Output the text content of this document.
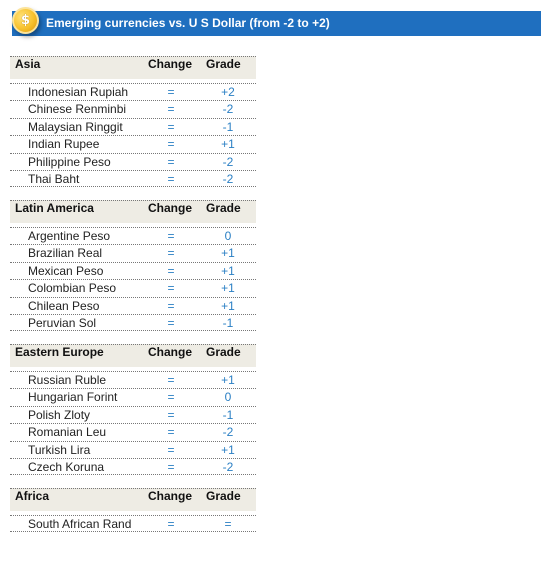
Emerging currencies vs. U S Dollar (from -2 to +2)
$
Asia	Change Grade
Indonesian Rupiah	=	+2
Chinese Renminbi	=	-2
Malaysian Ringgit	=	-1
Indian Rupee	=	+1
Philippine Peso	=	-2
Thai Baht	=	-2
Latin America	Change Grade
Argentine Peso	=	0
Brazilian Real	=	+1
Mexican Peso	=	+1
Colombian Peso	=	+1
Chilean Peso	=	+1
Peruvian Sol	=	-1
Eastern Europe	Change Grade
Russian Ruble	=	+1
Hungarian Forint	=	0
Polish Zloty	=	-1
Romanian Leu	=	-2
Turkish Lira	=	+1
Czech Koruna	=	-2
Africa	Change Grade
South African Rand	=	=
